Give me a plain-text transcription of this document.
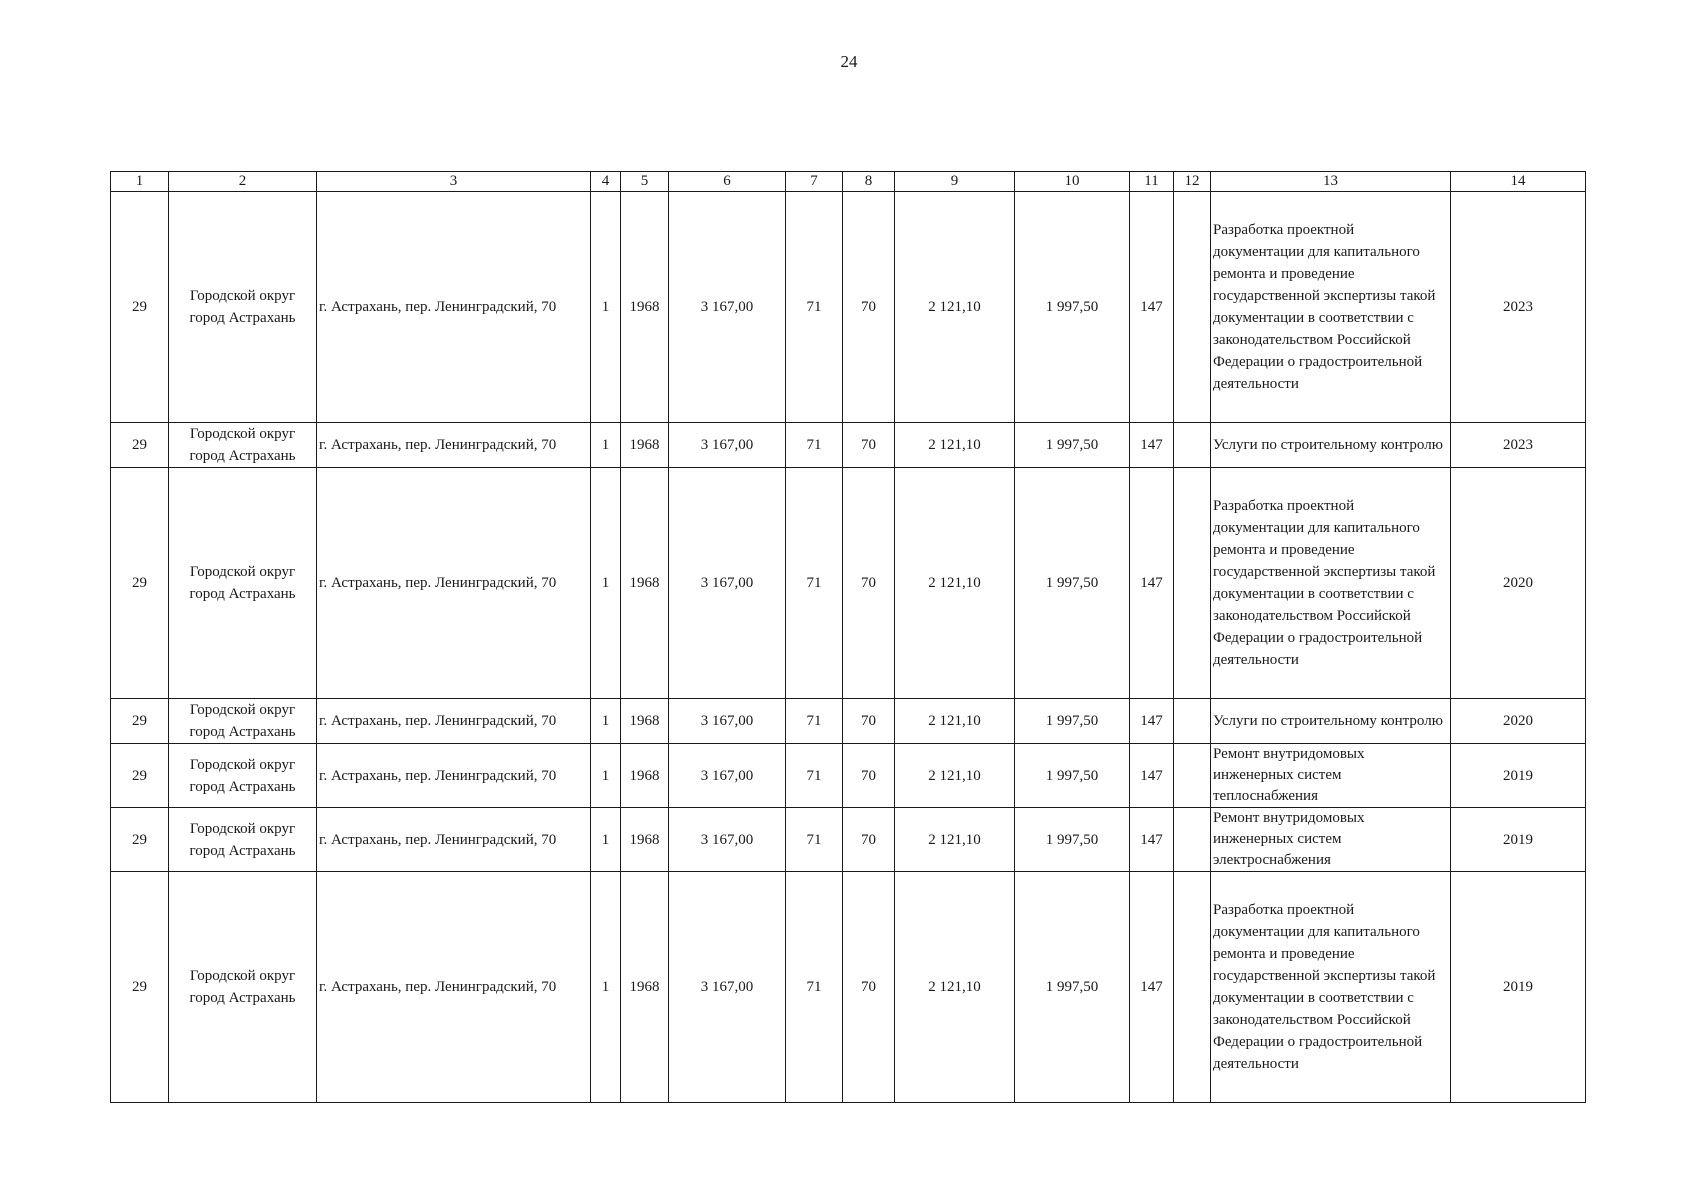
24
1	2	3	4	5	6	7	8	9	10	11	12	13	14
29	Городской округ город Астрахань	г. Астрахань, пер. Ленинградский, 70	1	1968	3 167,00	71	70	2 121,10	1 997,50	147		Разработка проектной документации для капитального ремонта и проведение государственной экспертизы такой документации в соответствии с законодательством Российской Федерации о градостроительной деятельности	2023
29	Городской округ город Астрахань	г. Астрахань, пер. Ленинградский, 70	1	1968	3 167,00	71	70	2 121,10	1 997,50	147		Услуги по строительному контролю	2023
29	Городской округ город Астрахань	г. Астрахань, пер. Ленинградский, 70	1	1968	3 167,00	71	70	2 121,10	1 997,50	147		Разработка проектной документации для капитального ремонта и проведение государственной экспертизы такой документации в соответствии с законодательством Российской Федерации о градостроительной деятельности	2020
29	Городской округ город Астрахань	г. Астрахань, пер. Ленинградский, 70	1	1968	3 167,00	71	70	2 121,10	1 997,50	147		Услуги по строительному контролю	2020
29	Городской округ город Астрахань	г. Астрахань, пер. Ленинградский, 70	1	1968	3 167,00	71	70	2 121,10	1 997,50	147		Ремонт внутридомовых инженерных систем теплоснабжения	2019
29	Городской округ город Астрахань	г. Астрахань, пер. Ленинградский, 70	1	1968	3 167,00	71	70	2 121,10	1 997,50	147		Ремонт внутридомовых инженерных систем электроснабжения	2019
29	Городской округ город Астрахань	г. Астрахань, пер. Ленинградский, 70	1	1968	3 167,00	71	70	2 121,10	1 997,50	147		Разработка проектной документации для капитального ремонта и проведение государственной экспертизы такой документации в соответствии с законодательством Российской Федерации о градостроительной деятельности	2019
